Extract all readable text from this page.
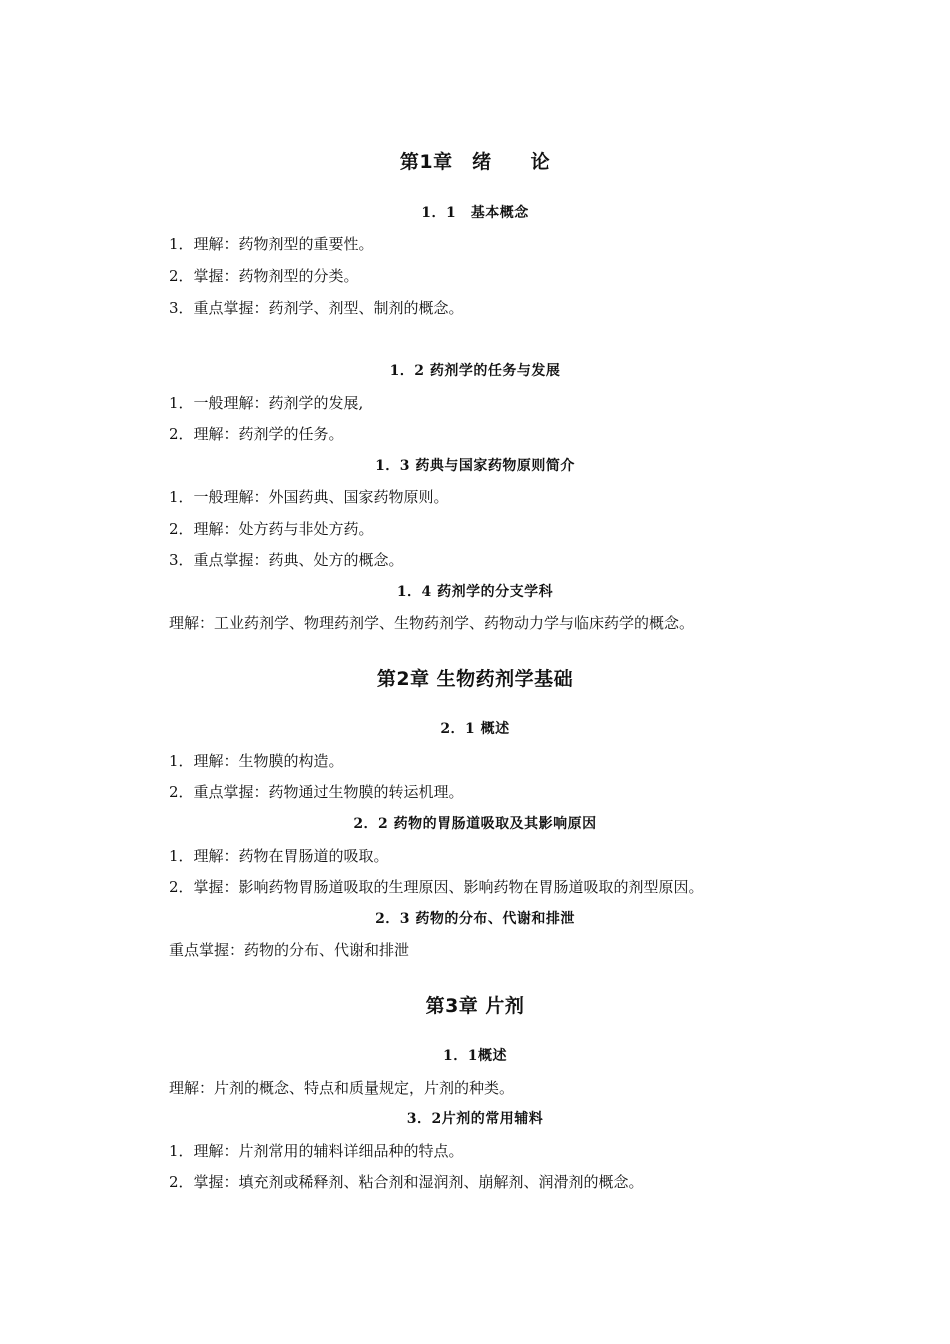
第1章　绪　　论
1．1　基本概念
1．理解：药物剂型的重要性。
2．掌握：药物剂型的分类。
3．重点掌握：药剂学、剂型、制剂的概念。
1．2 药剂学的任务与发展
1．一般理解：药剂学的发展,
2．理解：药剂学的任务。
1．3 药典与国家药物原则简介
1．一般理解：外国药典、国家药物原则。
2．理解：处方药与非处方药。
3．重点掌握：药典、处方的概念。
1．4 药剂学的分支学科
理解：工业药剂学、物理药剂学、生物药剂学、药物动力学与临床药学的概念。
第2章 生物药剂学基础
2．1 概述
1．理解：生物膜的构造。
2．重点掌握：药物通过生物膜的转运机理。
2．2 药物的胃肠道吸取及其影响原因
1．理解：药物在胃肠道的吸取。
2．掌握：影响药物胃肠道吸取的生理原因、影响药物在胃肠道吸取的剂型原因。
2．3 药物的分布、代谢和排泄
重点掌握：药物的分布、代谢和排泄
第3章 片剂
1．1概述
理解：片剂的概念、特点和质量规定，片剂的种类。
3．2片剂的常用辅料
1．理解：片剂常用的辅料详细品种的特点。
2．掌握：填充剂或稀释剂、粘合剂和湿润剂、崩解剂、润滑剂的概念。
